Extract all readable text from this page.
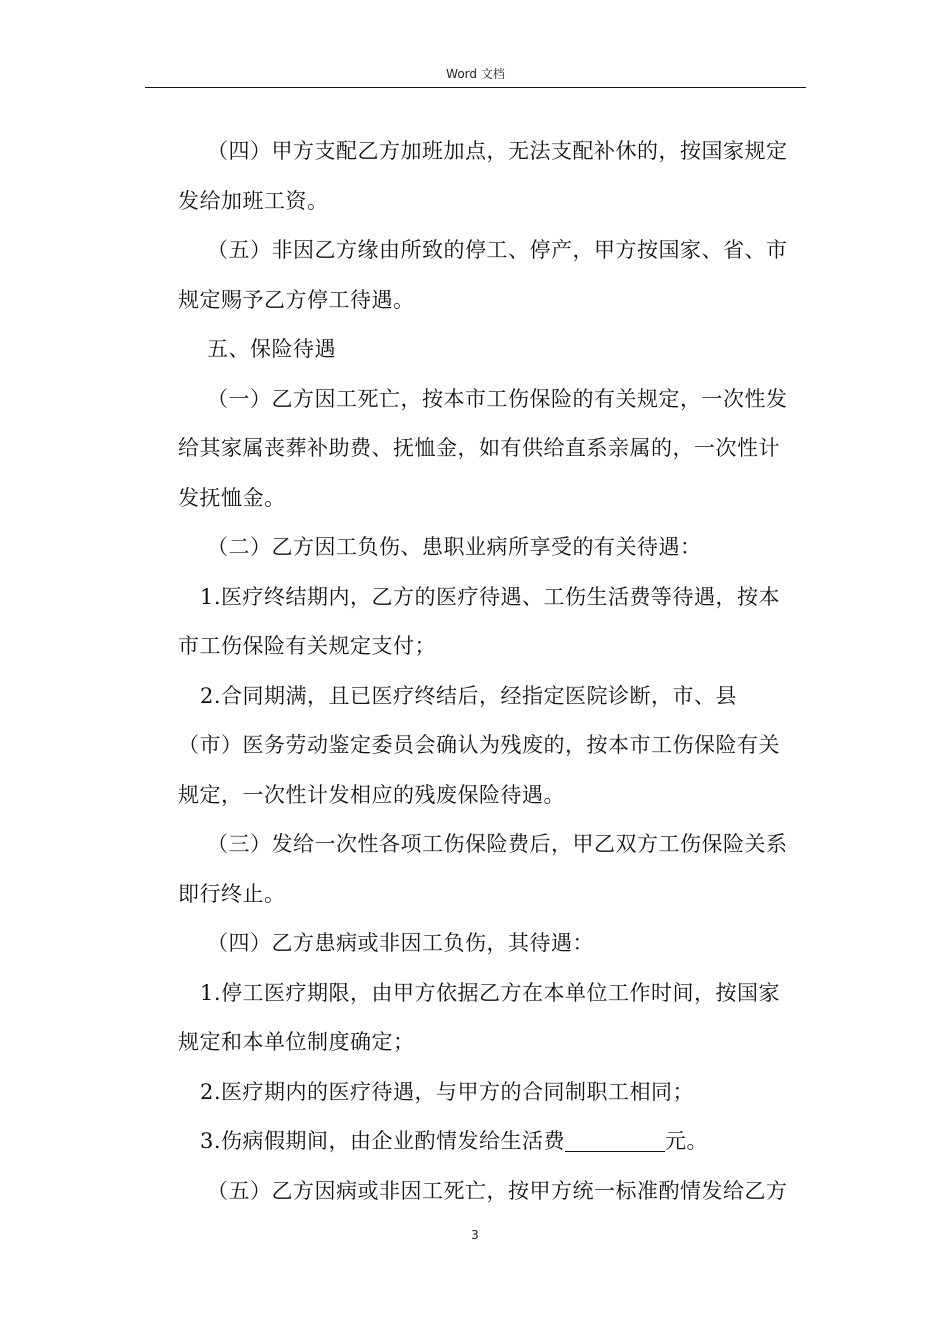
Word 文档
（四）甲方支配乙方加班加点，无法支配补休的，按国家规定
发给加班工资。
（五）非因乙方缘由所致的停工、停产，甲方按国家、省、市
规定赐予乙方停工待遇。
五、保险待遇
（一）乙方因工死亡，按本市工伤保险的有关规定，一次性发
给其家属丧葬补助费、抚恤金，如有供给直系亲属的，一次性计
发抚恤金。
（二）乙方因工负伤、患职业病所享受的有关待遇：
1.医疗终结期内，乙方的医疗待遇、工伤生活费等待遇，按本
市工伤保险有关规定支付；
2.合同期满，且已医疗终结后，经指定医院诊断，市、县
（市）医务劳动鉴定委员会确认为残废的，按本市工伤保险有关
规定，一次性计发相应的残废保险待遇。
（三）发给一次性各项工伤保险费后，甲乙双方工伤保险关系
即行终止。
（四）乙方患病或非因工负伤，其待遇：
1.停工医疗期限，由甲方依据乙方在本单位工作时间，按国家
规定和本单位制度确定；
2.医疗期内的医疗待遇，与甲方的合同制职工相同；
3.伤病假期间，由企业酌情发给生活费	元。
（五）乙方因病或非因工死亡，按甲方统一标准酌情发给乙方
3
